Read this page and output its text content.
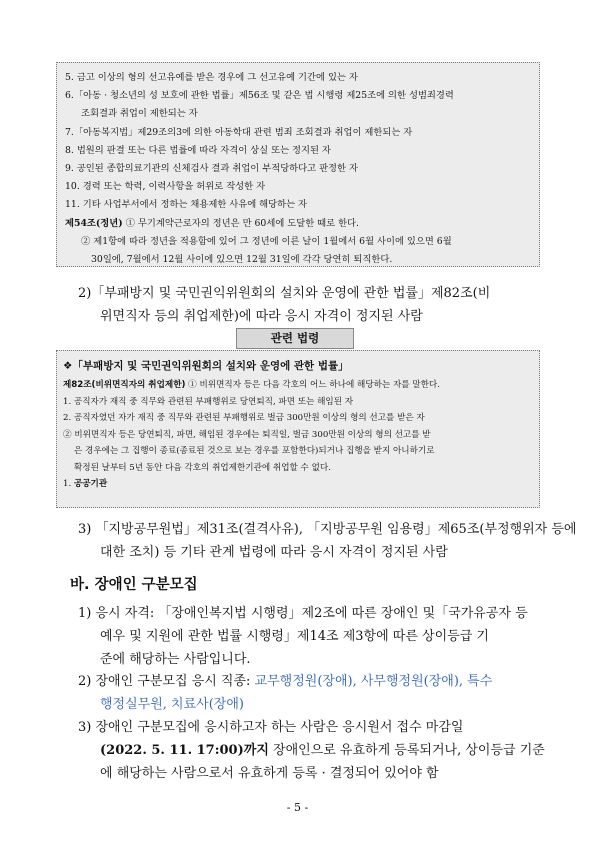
5. 금고 이상의 형의 선고유예를 받은 경우에 그 선고유예 기간에 있는 자
6.「아동 · 청소년의 성 보호에 관한 법률」제56조 및 같은 법 시행령 제25조에 의한 성범죄경력
조회결과 취업이 제한되는 자
7.「아동복지법」제29조의3에 의한 아동학대 관련 범죄 조회결과 취업이 제한되는 자
8. 법원의 판결 또는 다른 법률에 따라 자격이 상실 또는 정지된 자
9. 공인된 종합의료기관의 신체검사 결과 취업이 부적당하다고 판정한 자
10. 경력 또는 학력, 이력사항을 허위로 작성한 자
11. 기타 사업부서에서 정하는 채용제한 사유에 해당하는 자
제54조(정년) ① 무기계약근로자의 정년은 만 60세에 도달한 때로 한다.
② 제1항에 따라 정년을 적용함에 있어 그 정년에 이른 날이 1월에서 6월 사이에 있으면 6월
30일에, 7월에서 12월 사이에 있으면 12월 31일에 각각 당연히 퇴직한다.
2)「부패방지 및 국민권익위원회의 설치와 운영에 관한 법률」제82조(비
위면직자 등의 취업제한)에 따라 응시 자격이 정지된 사람
관련 법령
❖「부패방지 및 국민권익위원회의 설치와 운영에 관한 법률」
제82조(비위면직자의 취업제한) ① 비위면직자 등은 다음 각호의 어느 하나에 해당하는 자를 말한다.
1. 공직자가 재직 중 직무와 관련된 부패행위로 당연퇴직, 파면 또는 해임된 자
2. 공직자였던 자가 재직 중 직무와 관련된 부패행위로 벌금 300만원 이상의 형의 선고를 받은 자
② 비위면직자 등은 당연퇴직, 파면, 해임된 경우에는 퇴직일, 벌금 300만원 이상의 형의 선고를 받
은 경우에는 그 집행이 종료(종료된 것으로 보는 경우를 포함한다)되거나 집행을 받지 아니하기로
확정된 날부터 5년 동안 다음 각호의 취업제한기관에 취업할 수 없다.
1. 공공기관
3) 「지방공무원법」제31조(결격사유), 「지방공무원 임용령」제65조(부정행위자 등에
대한 조치) 등 기타 관계 법령에 따라 응시 자격이 정지된 사람
바. 장애인 구분모집
1) 응시 자격: 「장애인복지법 시행령」제2조에 따른 장애인 및「국가유공자 등
예우 및 지원에 관한 법률 시행령」제14조 제3항에 따른 상이등급 기
준에 해당하는 사람입니다.
2) 장애인 구분모집 응시 직종: 교무행정원(장애), 사무행정원(장애), 특수
행정실무원, 치료사(장애)
3) 장애인 구분모집에 응시하고자 하는 사람은 응시원서 접수 마감일
(2022. 5. 11. 17:00)까지 장애인으로 유효하게 등록되거나, 상이등급 기준
에 해당하는 사람으로서 유효하게 등록 · 결정되어 있어야 함
- 5 -
